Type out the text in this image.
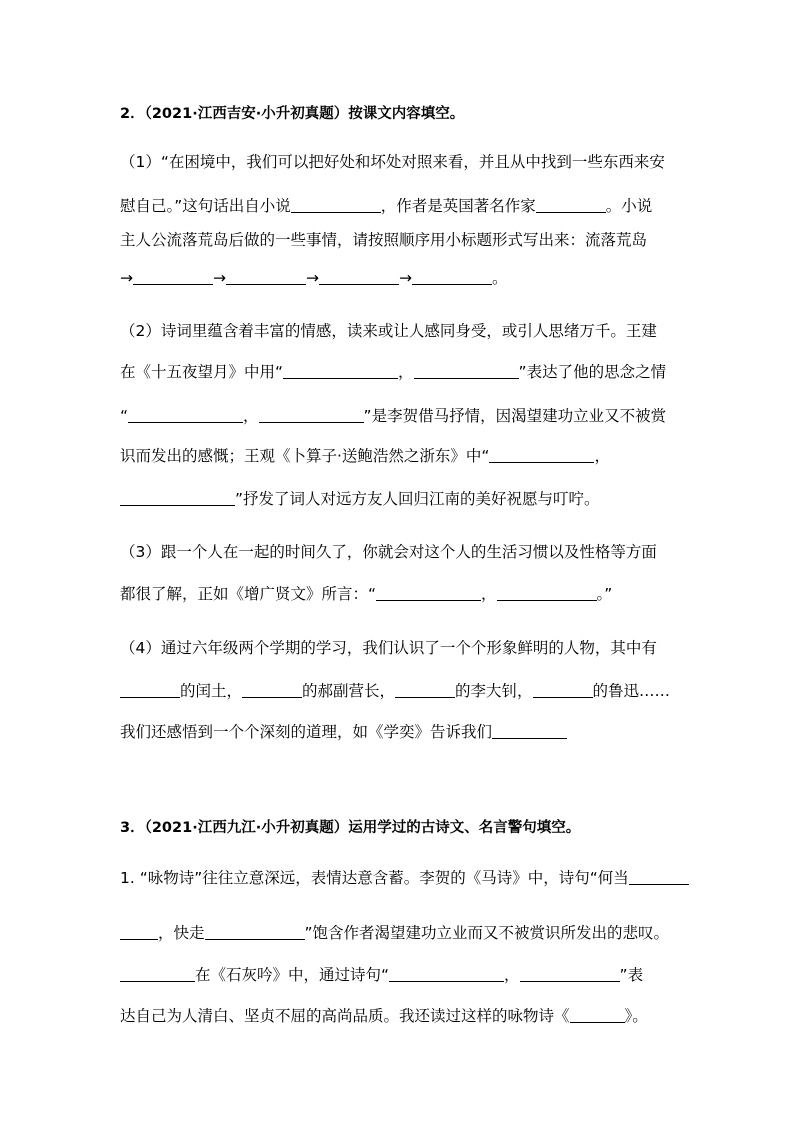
2．（2021·江西吉安·小升初真题）按课文内容填空。
（1）“在困境中，我们可以把好处和坏处对照来看，并且从中找到一些东西来安
慰自己。”这句话出自小说	，作者是英国著名作家	。小说
主人公流落荒岛后做的一些事情，请按照顺序用小标题形式写出来：流落荒岛
→	→	→	→	。
（2）诗词里蕴含着丰富的情感，读来或让人感同身受，或引人思绪万千。王建
在《十五夜望月》中用“	，	”表达了他的思念之情
“	，	”是李贺借马抒情，因渴望建功立业又不被赏
识而发出的感慨；王观《卜算子·送鲍浩然之浙东》中“	，
”抒发了词人对远方友人回归江南的美好祝愿与叮咛。
（3）跟一个人在一起的时间久了，你就会对这个人的生活习惯以及性格等方面
都很了解，正如《增广贤文》所言：“	，	。”
（4）通过六年级两个学期的学习，我们认识了一个个形象鲜明的人物，其中有
的闰土，	的郝副营长，	的李大钊，	的鲁迅……
我们还感悟到一个个深刻的道理，如《学奕》告诉我们
3．（2021·江西九江·小升初真题）运用学过的古诗文、名言警句填空。
1. “咏物诗”往往立意深远，表情达意含蓄。李贺的《马诗》中，诗句“何当
，快走	”饱含作者渴望建功立业而又不被赏识所发出的悲叹。
在《石灰吟》中，通过诗句“	，	”表
达自己为人清白、坚贞不屈的高尚品质。我还读过这样的咏物诗《	》。
